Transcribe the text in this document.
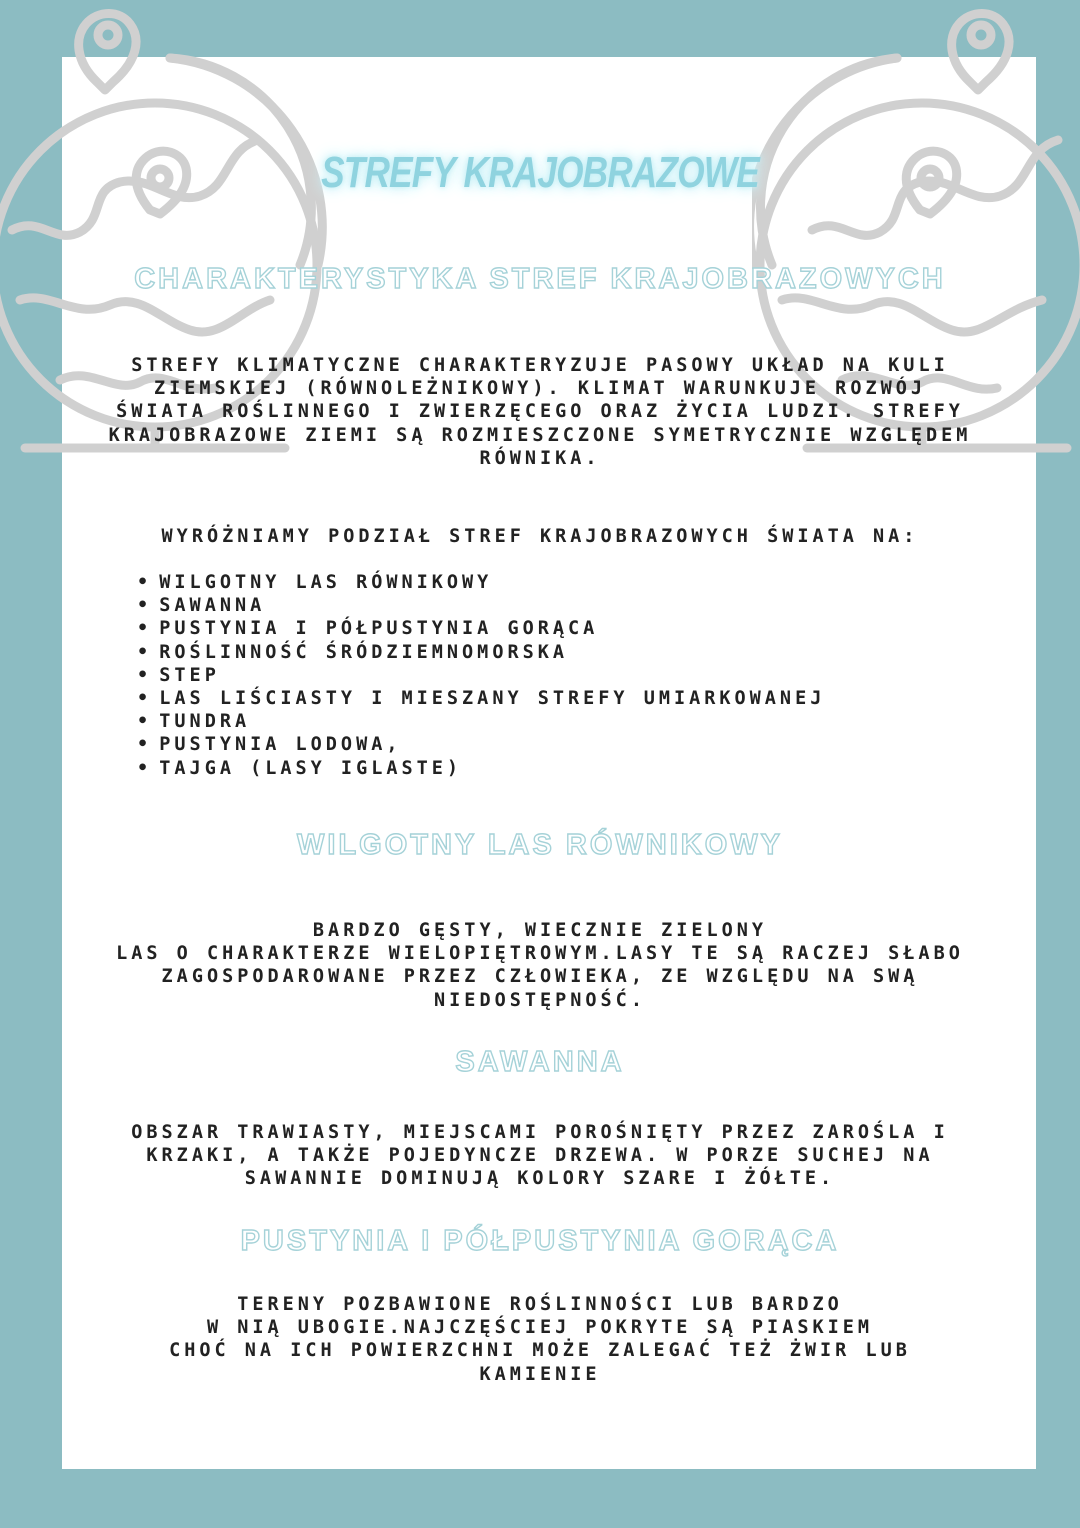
STREFY KRAJOBRAZOWE
CHARAKTERYSTYKA STREF KRAJOBRAZOWYCH
STREFY KLIMATYCZNE CHARAKTERYZUJE PASOWY UKŁAD NA KULI
ZIEMSKIEJ (RÓWNOLEŻNIKOWY). KLIMAT WARUNKUJE ROZWÓJ
ŚWIATA ROŚLINNEGO I ZWIERZĘCEGO ORAZ ŻYCIA LUDZI. STREFY
KRAJOBRAZOWE ZIEMI SĄ ROZMIESZCZONE SYMETRYCZNIE WZGLĘDEM
RÓWNIKA.
WYRÓŻNIAMY PODZIAŁ STREF KRAJOBRAZOWYCH ŚWIATA NA:
• WILGOTNY LAS RÓWNIKOWY
• SAWANNA
• PUSTYNIA I PÓŁPUSTYNIA GORĄCA
• ROŚLINNOŚĆ ŚRÓDZIEMNOMORSKA
• STEP
• LAS LIŚCIASTY I MIESZANY STREFY UMIARKOWANEJ
• TUNDRA
• PUSTYNIA LODOWA,
• TAJGA (LASY IGLASTE)
WILGOTNY LAS RÓWNIKOWY
BARDZO GĘSTY, WIECZNIE ZIELONY
LAS O CHARAKTERZE WIELOPIĘTROWYM.LASY TE SĄ RACZEJ SŁABO
ZAGOSPODAROWANE PRZEZ CZŁOWIEKA, ZE WZGLĘDU NA SWĄ
NIEDOSTĘPNOŚĆ.
SAWANNA
OBSZAR TRAWIASTY, MIEJSCAMI POROŚNIĘTY PRZEZ ZAROŚLA I
KRZAKI, A TAKŻE POJEDYNCZE DRZEWA. W PORZE SUCHEJ NA
SAWANNIE DOMINUJĄ KOLORY SZARE I ŻÓŁTE.
PUSTYNIA I PÓŁPUSTYNIA GORĄCA
TERENY POZBAWIONE ROŚLINNOŚCI LUB BARDZO
W NIĄ UBOGIE.NAJCZĘŚCIEJ POKRYTE SĄ PIASKIEM
CHOĆ NA ICH POWIERZCHNI MOŻE ZALEGAĆ TEŻ ŻWIR LUB
KAMIENIE
